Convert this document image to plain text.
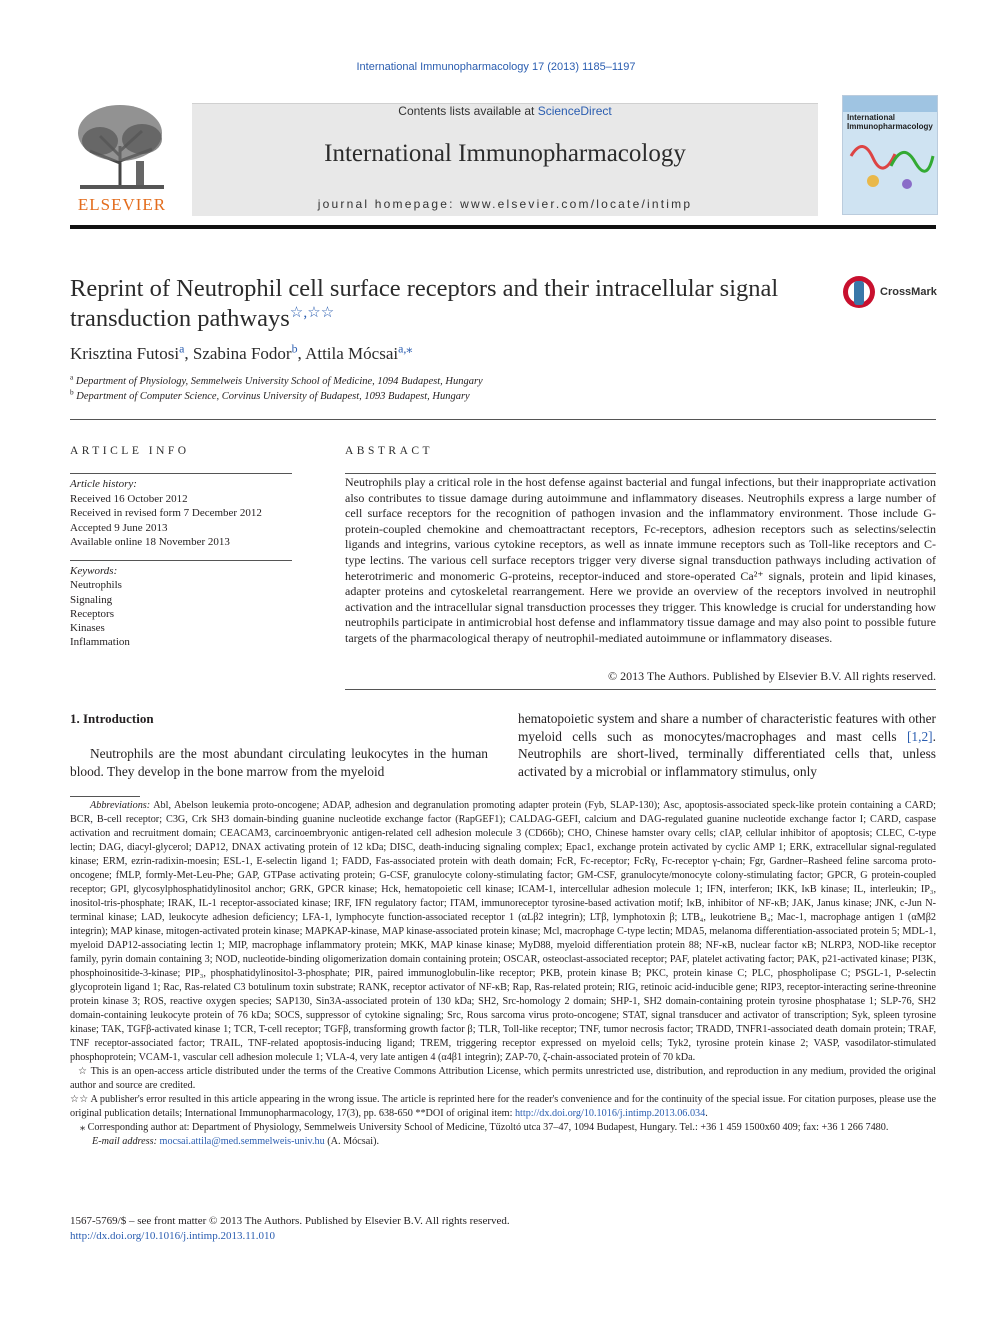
International Immunopharmacology 17 (2013) 1185–1197
ELSEVIER
Contents lists available at ScienceDirect
International Immunopharmacology
journal homepage: www.elsevier.com/locate/intimp
International Immunopharmacology
Reprint of Neutrophil cell surface receptors and their intracellular signal transduction pathways☆,☆☆
CrossMark
Krisztina Futosi$^a$, Szabina Fodor$^b$, Attila Mócsai$^{a,⁎}$
$^a$ Department of Physiology, Semmelweis University School of Medicine, 1094 Budapest, Hungary
$^b$ Department of Computer Science, Corvinus University of Budapest, 1093 Budapest, Hungary
ARTICLE INFO
Article history:
Received 16 October 2012
Received in revised form 7 December 2012
Accepted 9 June 2013
Available online 18 November 2013
Keywords:
Neutrophils
Signaling
Receptors
Kinases
Inflammation
ABSTRACT
Neutrophils play a critical role in the host defense against bacterial and fungal infections, but their inappropriate activation also contributes to tissue damage during autoimmune and inflammatory diseases. Neutrophils express a large number of cell surface receptors for the recognition of pathogen invasion and the inflammatory environment. Those include G-protein-coupled chemokine and chemoattractant receptors, Fc-receptors, adhesion receptors such as selectins/selectin ligands and integrins, various cytokine receptors, as well as innate immune receptors such as Toll-like receptors and C-type lectins. The various cell surface receptors trigger very diverse signal transduction pathways including activation of heterotrimeric and monomeric G-proteins, receptor-induced and store-operated Ca²⁺ signals, protein and lipid kinases, adapter proteins and cytoskeletal rearrangement. Here we provide an overview of the receptors involved in neutrophil activation and the intracellular signal transduction processes they trigger. This knowledge is crucial for understanding how neutrophils participate in antimicrobial host defense and inflammatory tissue damage and may also point to possible future targets of the pharmacological therapy of neutrophil-mediated autoimmune or inflammatory diseases.
© 2013 The Authors. Published by Elsevier B.V. All rights reserved.
1. Introduction
Neutrophils are the most abundant circulating leukocytes in the human blood. They develop in the bone marrow from the myeloid
hematopoietic system and share a number of characteristic features with other myeloid cells such as monocytes/macrophages and mast cells [1,2]. Neutrophils are short-lived, terminally differentiated cells that, unless activated by a microbial or inflammatory stimulus, only

Abbreviations: Abl, Abelson leukemia proto-oncogene; ADAP, adhesion and degranulation promoting adapter protein (Fyb, SLAP-130); Asc, apoptosis-associated speck-like protein containing a CARD; BCR, B-cell receptor; C3G, Crk SH3 domain-binding guanine nucleotide exchange factor (RapGEF1); CALDAG-GEFI, calcium and DAG-regulated guanine nucleotide exchange factor I; CARD, caspase activation and recruitment domain; CEACAM3, carcinoembryonic antigen-related cell adhesion molecule 3 (CD66b); CHO, Chinese hamster ovary cells; cIAP, cellular inhibitor of apoptosis; CLEC, C-type lectin; DAG, diacyl-glycerol; DAP12, DNAX activating protein of 12 kDa; DISC, death-inducing signaling complex; Epac1, exchange protein activated by cyclic AMP 1; ERK, extracellular signal-regulated kinase; ERM, ezrin-radixin-moesin; ESL-1, E-selectin ligand 1; FADD, Fas-associated protein with death domain; FcR, Fc-receptor; FcRγ, Fc-receptor γ-chain; Fgr, Gardner–Rasheed feline sarcoma proto-oncogene; fMLP, formly-Met-Leu-Phe; GAP, GTPase activating protein; G-CSF, granulocyte colony-stimulating factor; GM-CSF, granulocyte/monocyte colony-stimulating factor; GPCR, G protein-coupled receptor; GPI, glycosylphosphatidylinositol anchor; GRK, GPCR kinase; Hck, hematopoietic cell kinase; ICAM-1, intercellular adhesion molecule 1; IFN, interferon; IKK, IκB kinase; IL, interleukin; IP₃, inositol-tris-phosphate; IRAK, IL-1 receptor-associated kinase; IRF, IFN regulatory factor; ITAM, immunoreceptor tyrosine-based activation motif; IκB, inhibitor of NF-κB; JAK, Janus kinase; JNK, c-Jun N-terminal kinase; LAD, leukocyte adhesion deficiency; LFA-1, lymphocyte function-associated receptor 1 (αLβ2 integrin); LTβ, lymphotoxin β; LTB₄, leukotriene B₄; Mac-1, macrophage antigen 1 (αMβ2 integrin); MAP kinase, mitogen-activated protein kinase; MAPKAP-kinase, MAP kinase-associated protein kinase; Mcl, macrophage C-type lectin; MDA5, melanoma differentiation-associated protein 5; MDL-1, myeloid DAP12-associating lectin 1; MIP, macrophage inflammatory protein; MKK, MAP kinase kinase; MyD88, myeloid differentiation protein 88; NF-κB, nuclear factor κB; NLRP3, NOD-like receptor family, pyrin domain containing 3; NOD, nucleotide-binding oligomerization domain containing protein; OSCAR, osteoclast-associated receptor; PAF, platelet activating factor; PAK, p21-activated kinase; PI3K, phosphoinositide-3-kinase; PIP₃, phosphatidylinositol-3-phosphate; PIR, paired immunoglobulin-like receptor; PKB, protein kinase B; PKC, protein kinase C; PLC, phospholipase C; PSGL-1, P-selectin glycoprotein ligand 1; Rac, Ras-related C3 botulinum toxin substrate; RANK, receptor activator of NF-κB; Rap, Ras-related protein; RIG, retinoic acid-inducible gene; RIP3, receptor-interacting serine-threonine protein kinase 3; ROS, reactive oxygen species; SAP130, Sin3A-associated protein of 130 kDa; SH2, Src-homology 2 domain; SHP-1, SH2 domain-containing protein tyrosine phosphatase 1; SLP-76, SH2 domain-containing leukocyte protein of 76 kDa; SOCS, suppressor of cytokine signaling; Src, Rous sarcoma virus proto-oncogene; STAT, signal transducer and activator of transcription; Syk, spleen tyrosine kinase; TAK, TGFβ-activated kinase 1; TCR, T-cell receptor; TGFβ, transforming growth factor β; TLR, Toll-like receptor; TNF, tumor necrosis factor; TRADD, TNFR1-associated death domain protein; TRAF, TNF receptor-associated factor; TRAIL, TNF-related apoptosis-inducing ligand; TREM, triggering receptor expressed on myeloid cells; Tyk2, tyrosine protein kinase 2; VASP, vasodilator-stimulated phosphoprotein; VCAM-1, vascular cell adhesion molecule 1; VLA-4, very late antigen 4 (α4β1 integrin); ZAP-70, ζ-chain-associated protein of 70 kDa.

☆ This is an open-access article distributed under the terms of the Creative Commons Attribution License, which permits unrestricted use, distribution, and reproduction in any medium, provided the original author and source are credited.

☆☆ A publisher's error resulted in this article appearing in the wrong issue. The article is reprinted here for the reader's convenience and for the continuity of the special issue. For citation purposes, please use the original publication details; International Immunopharmacology, 17(3), pp. 638-650 **DOI of original item: http://dx.doi.org/10.1016/j.intimp.2013.06.034.

⁎ Corresponding author at: Department of Physiology, Semmelweis University School of Medicine, Tűzoltó utca 37–47, 1094 Budapest, Hungary. Tel.: +36 1 459 1500x60 409; fax: +36 1 266 7480.

E-mail address: mocsai.attila@med.semmelweis-univ.hu (A. Mócsai).

1567-5769/$ – see front matter © 2013 The Authors. Published by Elsevier B.V. All rights reserved.
http://dx.doi.org/10.1016/j.intimp.2013.11.010
